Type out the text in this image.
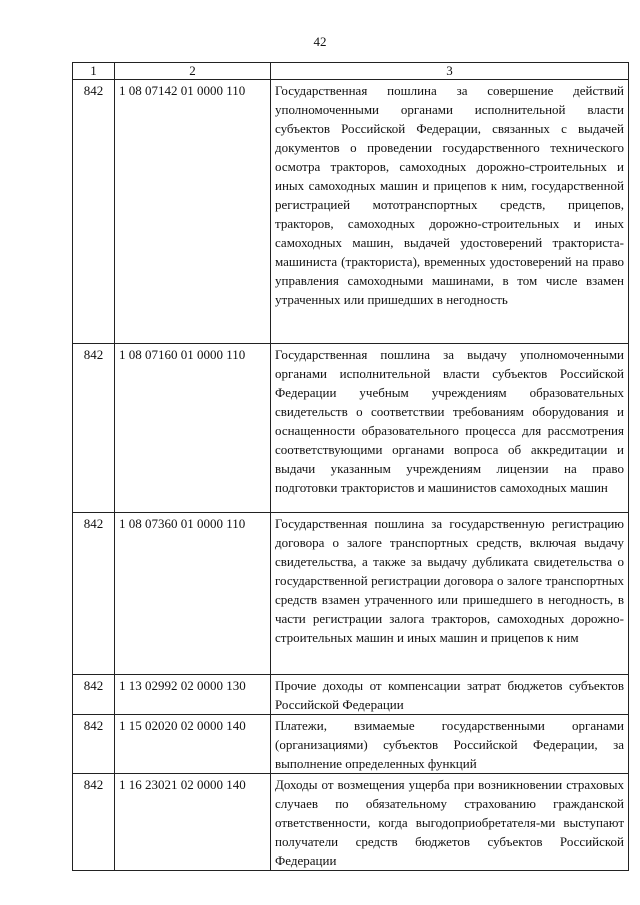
42
1	2	3
842	1 08 07142 01 0000 110	Государственная пошлина за совершение действий уполномоченными органами исполнительной власти субъектов Российской Федерации, связанных с выдачей документов о проведении государственного технического осмотра тракторов, самоходных дорожно-строительных и иных самоходных машин и прицепов к ним, государственной регистрацией мототранспортных средств, прицепов, тракторов, самоходных дорожно-строительных и иных самоходных машин, выдачей удостоверений тракториста-машиниста (тракториста), временных удостоверений на право управления самоходными машинами, в том числе взамен утраченных или пришедших в негодность
842	1 08 07160 01 0000 110	Государственная пошлина за выдачу уполномоченными органами исполнительной власти субъектов Российской Федерации учебным учреждениям образовательных свидетельств о соответствии требованиям оборудования и оснащенности образовательного процесса для рассмотрения соответствующими органами вопроса об аккредитации и выдачи указанным учреждениям лицензии на право подготовки трактористов и машинистов самоходных машин
842	1 08 07360 01 0000 110	Государственная пошлина за государственную регистрацию договора о залоге транспортных средств, включая выдачу свидетельства, а также за выдачу дубликата свидетельства о государственной регистрации договора о залоге транспортных средств взамен утраченного или пришедшего в негодность, в части регистрации залога тракторов, самоходных дорожно-строительных машин и иных машин и прицепов к ним
842	1 13 02992 02 0000 130	Прочие доходы от компенсации затрат бюджетов субъектов Российской Федерации
842	1 15 02020 02 0000 140	Платежи, взимаемые государственными органами (организациями) субъектов Российской Федерации, за выполнение определенных функций
842	1 16 23021 02 0000 140	Доходы от возмещения ущерба при возникновении страховых случаев по обязательному страхованию гражданской ответственности, когда выгодоприобретателя-ми выступают получатели средств бюджетов субъектов Российской Федерации
